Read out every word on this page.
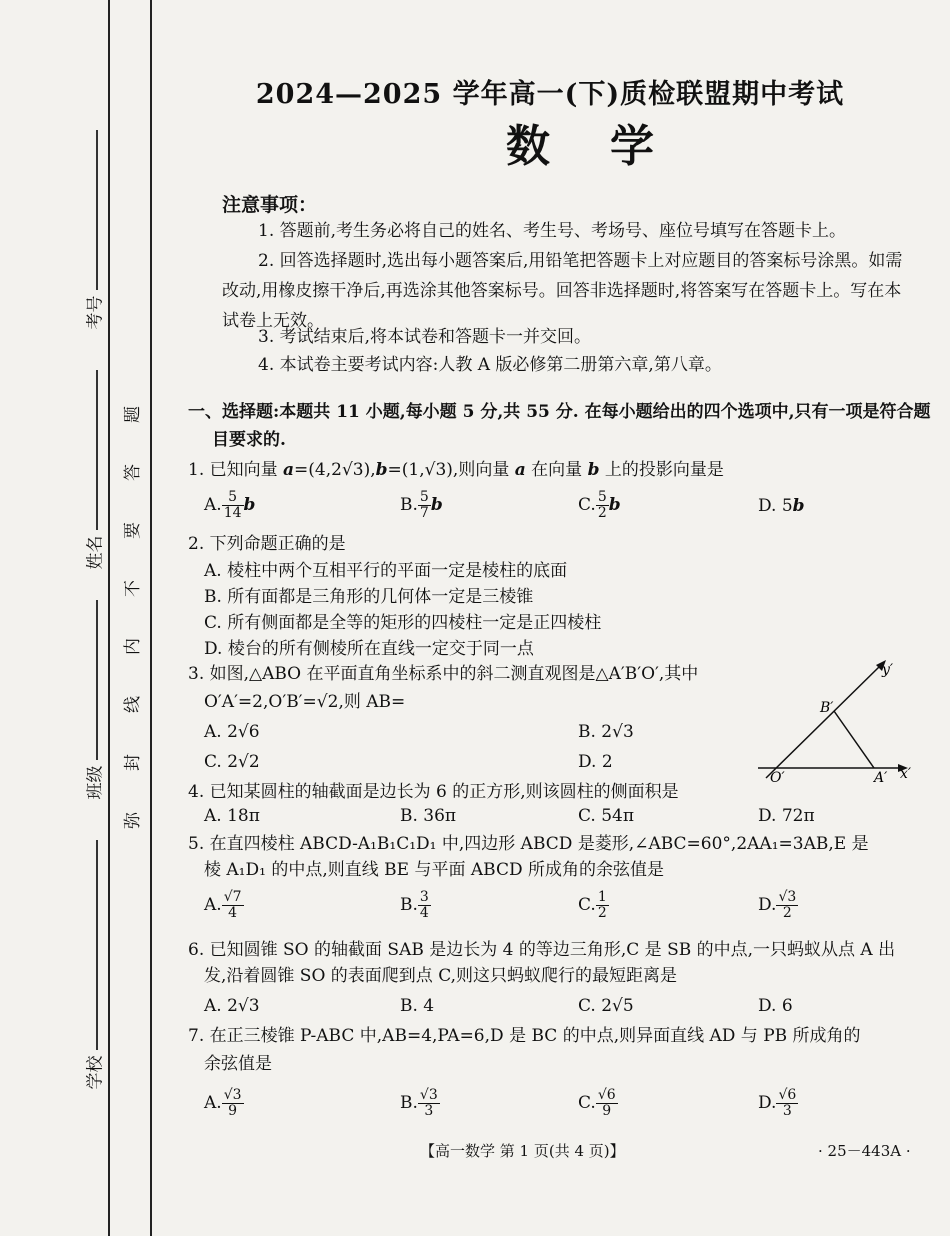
考号
姓名
班级
学校
题
答
要
不
内
线
封
弥
2024—2025 学年高一(下)质检联盟期中考试
数学
注意事项：
1. 答题前,考生务必将自己的姓名、考生号、考场号、座位号填写在答题卡上。
2. 回答选择题时,选出每小题答案后,用铅笔把答题卡上对应题目的答案标号涂黑。如需改动,用橡皮擦干净后,再选涂其他答案标号。回答非选择题时,将答案写在答题卡上。写在本试卷上无效。
3. 考试结束后,将本试卷和答题卡一并交回。
4. 本试卷主要考试内容:人教 A 版必修第二册第六章,第八章。
一、选择题:本题共 11 小题,每小题 5 分,共 55 分. 在每小题给出的四个选项中,只有一项是符合题目要求的.
1. 已知向量 a=(4,2√3),b=(1,√3),则向量 a 在向量 b 上的投影向量是
A. $\frac{5}{14}$ b	B. $\frac{5}{7}$ b	C. $\frac{5}{2}$ b	D. 5b
2. 下列命题正确的是
A. 棱柱中两个互相平行的平面一定是棱柱的底面
B. 所有面都是三角形的几何体一定是三棱锥
C. 所有侧面都是全等的矩形的四棱柱一定是正四棱柱
D. 棱台的所有侧棱所在直线一定交于同一点
3. 如图,△ABO 在平面直角坐标系中的斜二测直观图是△A′B′O′,其中
O′A′=2,O′B′=√2,则 AB=
A. 2√6	B. 2√3
C. 2√2	D. 2
y′
x′
O′	A′
B′
4. 已知某圆柱的轴截面是边长为 6 的正方形,则该圆柱的侧面积是
A. 18π	B. 36π	C. 54π	D. 72π
5. 在直四棱柱 ABCD-A₁B₁C₁D₁ 中,四边形 ABCD 是菱形,∠ABC=60°,2AA₁=3AB,E 是
棱 A₁D₁ 的中点,则直线 BE 与平面 ABCD 所成角的余弦值是
A. $\frac{√7}{4}$	B. $\frac{3}{4}$	C. $\frac{1}{2}$	D. $\frac{√3}{2}$
6. 已知圆锥 SO 的轴截面 SAB 是边长为 4 的等边三角形,C 是 SB 的中点,一只蚂蚁从点 A 出
发,沿着圆锥 SO 的表面爬到点 C,则这只蚂蚁爬行的最短距离是
A. 2√3	B. 4	C. 2√5	D. 6
7. 在正三棱锥 P-ABC 中,AB=4,PA=6,D 是 BC 的中点,则异面直线 AD 与 PB 所成角的
余弦值是
A. $\frac{√3}{9}$	B. $\frac{√3}{3}$	C. $\frac{√6}{9}$	D. $\frac{√6}{3}$
【高一数学 第 1 页(共 4 页)】	· 25－443A ·
